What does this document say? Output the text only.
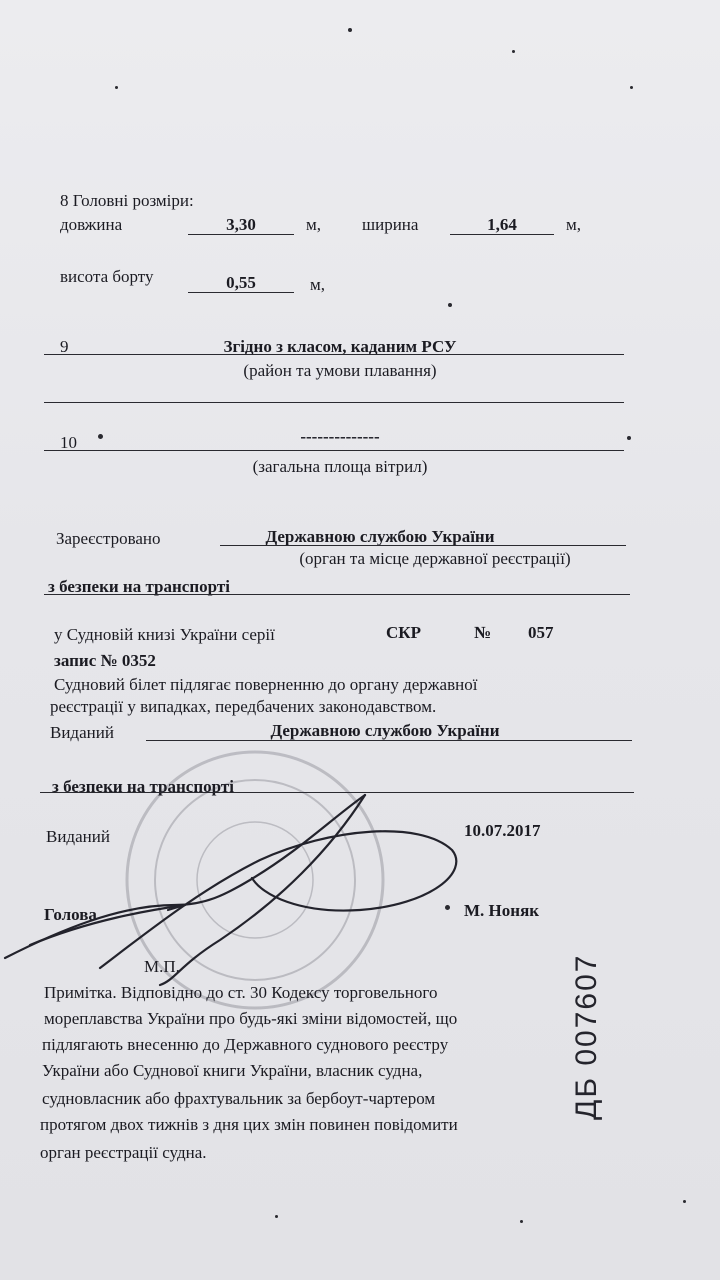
8 Головні розміри:
довжина	3,30	м, ширина	1,64	м,
висота борту	0,55	м,
9	Згідно з класом, каданим РСУ
(район та умови плавання)
10	--------------
(загальна площа вітрил)
Зареєстровано	Державною службою України
(орган та місце державної реєстрації)
з безпеки на транспорті
у Судновій книзі України серії	СКР	№ 057
запис № 0352
Судновий білет підлягає поверненню до органу державної
реєстрації у випадках, передбачених законодавством.
Виданий	Державною службою України
з безпеки на транспорті
Виданий	10.07.2017
Голова	М. Ноняк
М.П.
Примітка. Відповідно до ст. 30 Кодексу торговельного
мореплавства України про будь-які зміни відомостей, що
підлягають внесенню до Державного суднового реєстру
України або Суднової книги України, власник судна,
судновласник або фрахтувальник за бербоут-чартером
протягом двох тижнів з дня цих змін повинен повідомити
орган реєстрації судна.
ДБ 007607
